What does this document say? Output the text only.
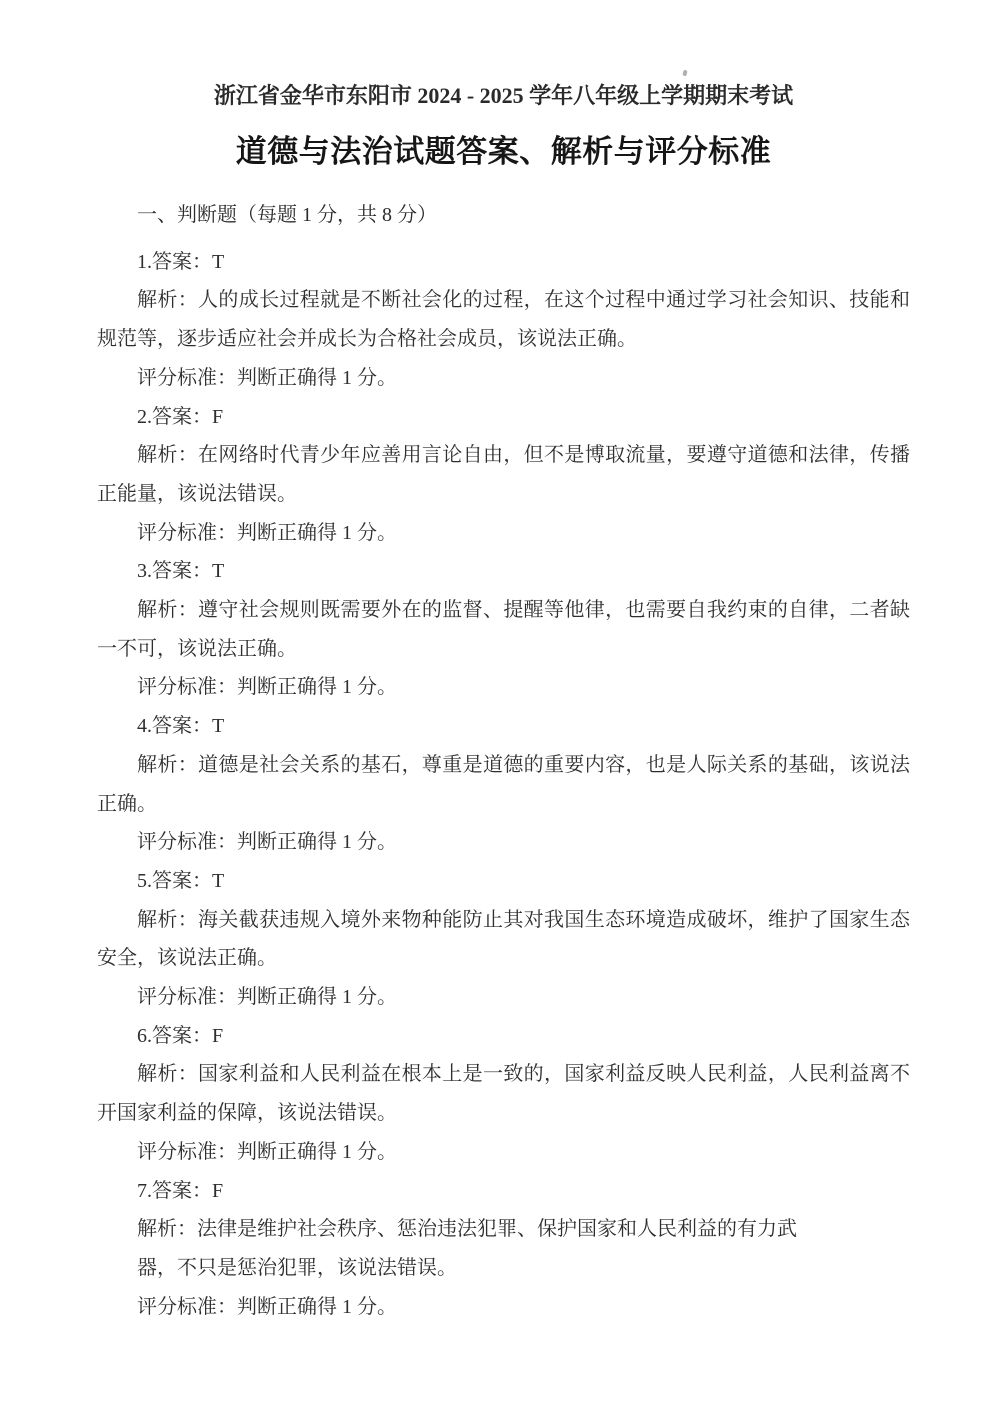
浙江省金华市东阳市 2024 - 2025 学年八年级上学期期末考试

道德与法治试题答案、解析与评分标准

一、判断题（每题 1 分，共 8 分）

1.答案：T

解析：人的成长过程就是不断社会化的过程，在这个过程中通过学习社会知识、技能和

规范等，逐步适应社会并成长为合格社会成员，该说法正确。

评分标准：判断正确得 1 分。

2.答案：F

解析：在网络时代青少年应善用言论自由，但不是博取流量，要遵守道德和法律，传播

正能量，该说法错误。

评分标准：判断正确得 1 分。

3.答案：T

解析：遵守社会规则既需要外在的监督、提醒等他律，也需要自我约束的自律，二者缺

一不可，该说法正确。

评分标准：判断正确得 1 分。

4.答案：T

解析：道德是社会关系的基石，尊重是道德的重要内容，也是人际关系的基础，该说法

正确。

评分标准：判断正确得 1 分。

5.答案：T

解析：海关截获违规入境外来物种能防止其对我国生态环境造成破坏，维护了国家生态

安全，该说法正确。

评分标准：判断正确得 1 分。

6.答案：F

解析：国家利益和人民利益在根本上是一致的，国家利益反映人民利益，人民利益离不

开国家利益的保障，该说法错误。

评分标准：判断正确得 1 分。

7.答案：F

解析：法律是维护社会秩序、惩治违法犯罪、保护国家和人民利益的有力武

器，不只是惩治犯罪，该说法错误。

评分标准：判断正确得 1 分。
